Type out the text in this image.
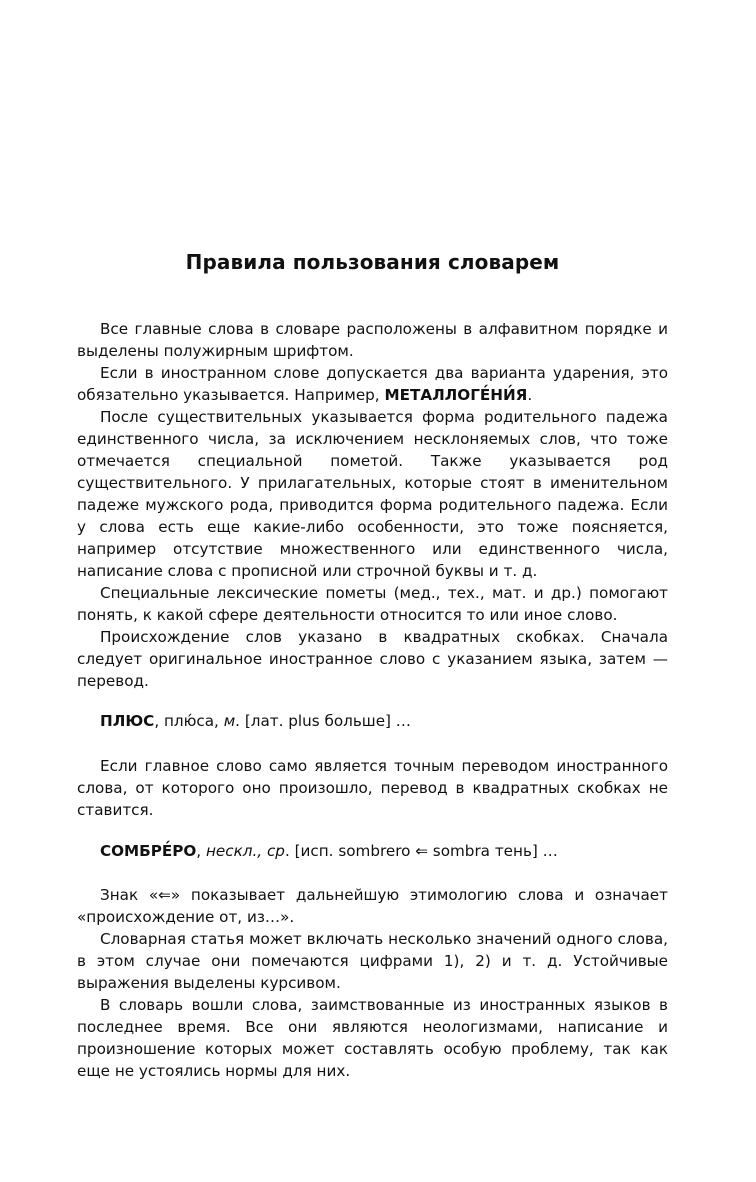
Правила пользования словарем

Все главные слова в словаре расположены в алфавитном порядке и выделены полужирным шрифтом.

Если в иностранном слове допускается два варианта ударения, это обязательно указывается. Например, МЕТАЛЛОГЕ́НИ́Я.

После существительных указывается форма родительного падежа единственного числа, за исключением несклоняемых слов, что тоже отмечается специальной пометой. Также указывается род существительного. У прилагательных, которые стоят в именительном падеже мужского рода, приводится форма родительного падежа. Если у слова есть еще какие-либо особенности, это тоже поясняется, например отсутствие множественного или единственного числа, написание слова с прописной или строчной буквы и т. д.

Специальные лексические пометы (мед., тех., мат. и др.) помогают понять, к какой сфере деятельности относится то или иное слово.

Происхождение слов указано в квадратных скобках. Сначала следует оригинальное иностранное слово с указанием языка, затем — перевод.

ПЛЮС, плю́са, м. [лат. plus больше] …

Если главное слово само является точным переводом иностранного слова, от которого оно произошло, перевод в квадратных скобках не ставится.

СОМБРЕ́РО, нескл., ср. [исп. sombrero ⇐ sombra тень] …

Знак «⇐» показывает дальнейшую этимологию слова и означает «происхождение от, из…».

Словарная статья может включать несколько значений одного слова, в этом случае они помечаются цифрами 1), 2) и т. д. Устойчивые выражения выделены курсивом.

В словарь вошли слова, заимствованные из иностранных языков в последнее время. Все они являются неологизмами, написание и произношение которых может составлять особую проблему, так как еще не устоялись нормы для них.
